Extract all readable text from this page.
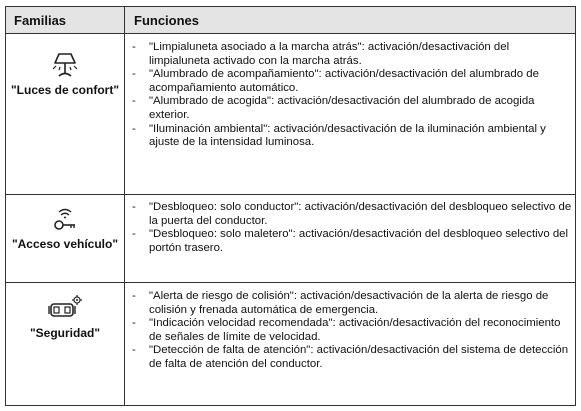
Familias	Funciones
"Luces de confort"
- "Limpialuneta asociado a la marcha atrás": activación/desactivación del limpialuneta activado con la marcha atrás.
- "Alumbrado de acompañamiento": activación/desactivación del alumbrado de acompañamiento automático.
- "Alumbrado de acogida": activación/desactivación del alumbrado de acogida exterior.
- "Iluminación ambiental": activación/desactivación de la iluminación ambiental y ajuste de la intensidad luminosa.
"Acceso vehículo"
- "Desbloqueo: solo conductor": activación/desactivación del desbloqueo selectivo de la puerta del conductor.
- "Desbloqueo: solo maletero": activación/desactivación del desbloqueo selectivo del portón trasero.
"Seguridad"
- "Alerta de riesgo de colisión": activación/desactivación de la alerta de riesgo de colisión y frenada automática de emergencia.
- "Indicación velocidad recomendada": activación/desactivación del reconocimiento de señales de límite de velocidad.
- "Detección de falta de atención": activación/desactivación del sistema de detección de falta de atención del conductor.
